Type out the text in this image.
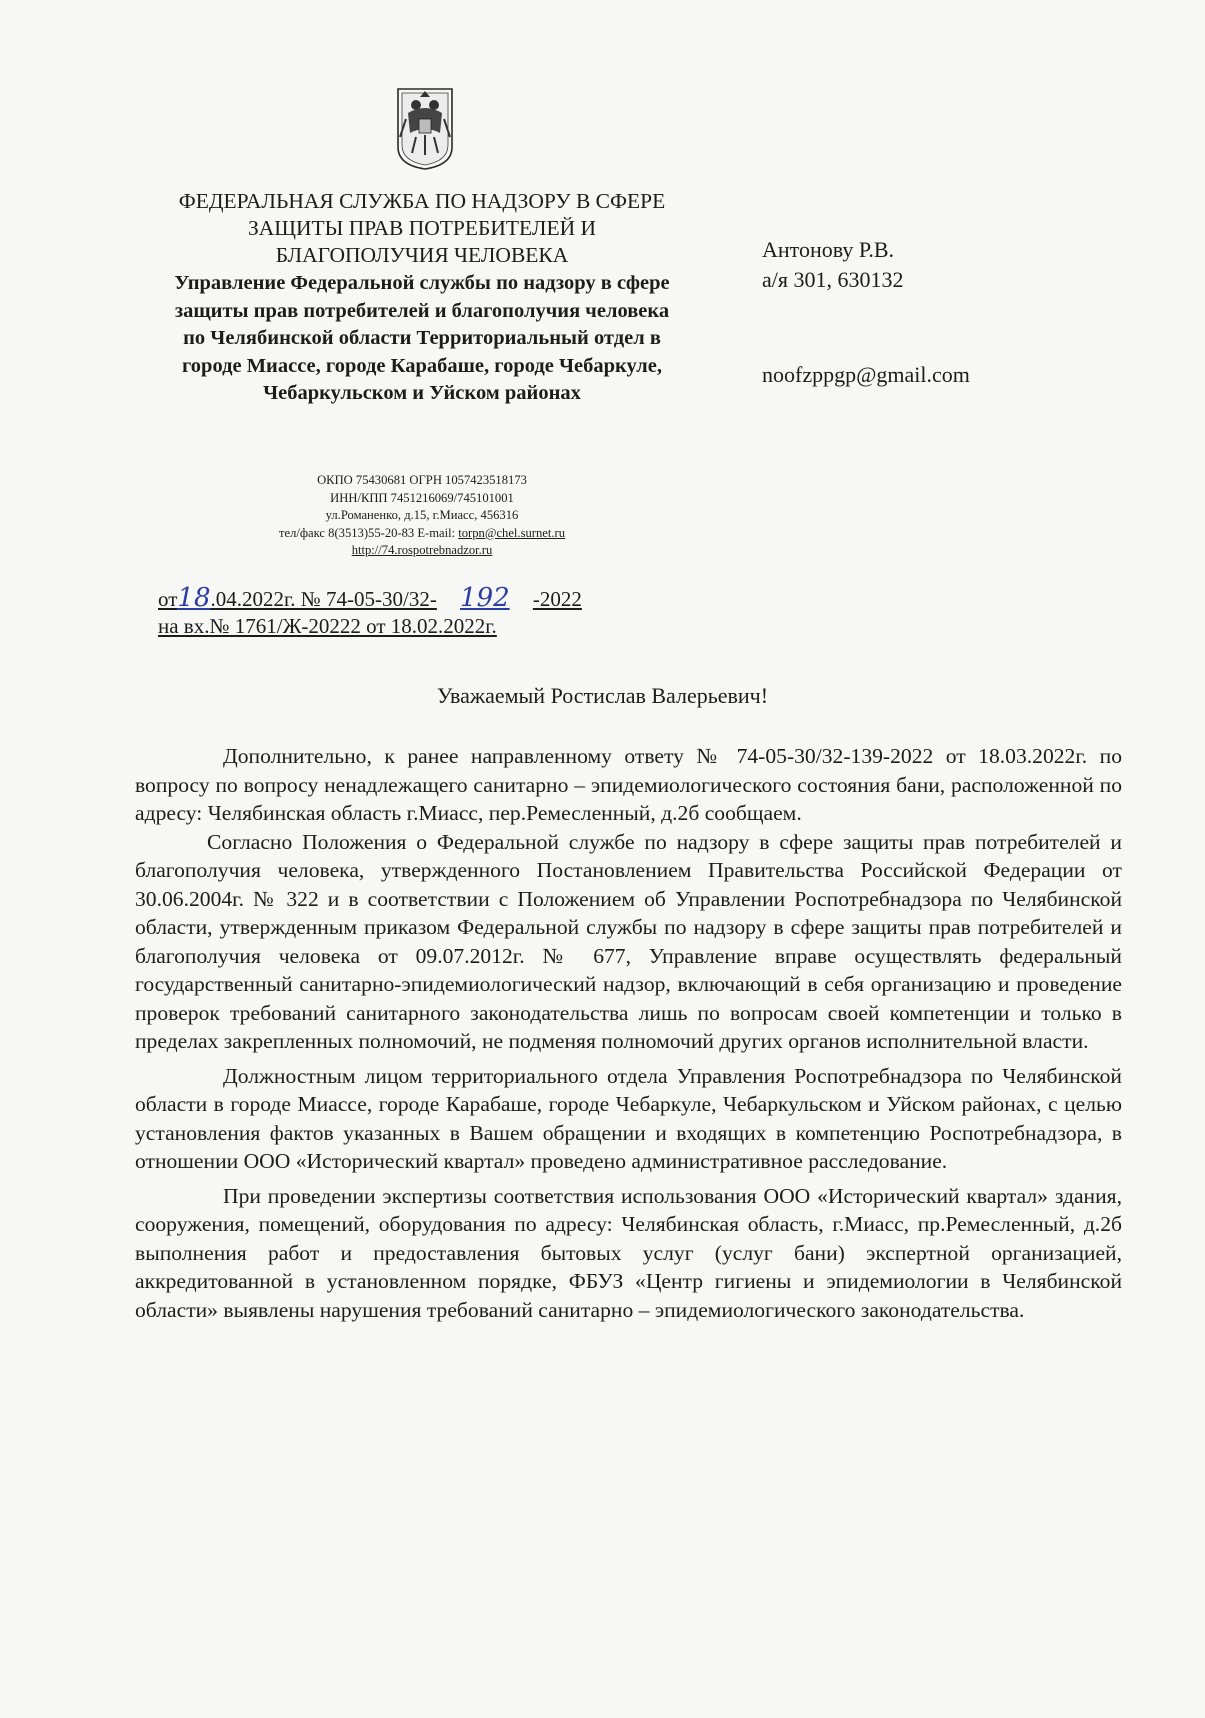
ФЕДЕРАЛЬНАЯ СЛУЖБА ПО НАДЗОРУ В СФЕРЕ ЗАЩИТЫ ПРАВ ПОТРЕБИТЕЛЕЙ И БЛАГОПОЛУЧИЯ ЧЕЛОВЕКА
Управление Федеральной службы по надзору в сфере защиты прав потребителей и благополучия человека по Челябинской области Территориальный отдел в городе Миассе, городе Карабаше, городе Чебаркуле, Чебаркульском и Уйском районах
ОКПО 75430681 ОГРН 1057423518173
ИНН/КПП 7451216069/745101001
ул.Романенко, д.15, г.Миасс, 456316
тел/факс 8(3513)55-20-83 E-mail: torpn@chel.surnet.ru
http://74.rospotrebnadzor.ru
от18.04.2022г. № 74-05-30/32- 192 -2022
на вх.№ 1761/Ж-20222 от 18.02.2022г.
Антонову Р.В.
а/я 301, 630132
noofzppgp@gmail.com
Уважаемый Ростислав Валерьевич!

Дополнительно, к ранее направленному ответу № 74-05-30/32-139-2022 от 18.03.2022г. по вопросу по вопросу ненадлежащего санитарно – эпидемиологического состояния бани, расположенной по адресу: Челябинская область г.Миасс, пер.Ремесленный, д.2б сообщаем.

Согласно Положения о Федеральной службе по надзору в сфере защиты прав потребителей и благополучия человека, утвержденного Постановлением Правительства Российской Федерации от 30.06.2004г. № 322 и в соответствии с Положением об Управлении Роспотребнадзора по Челябинской области, утвержденным приказом Федеральной службы по надзору в сфере защиты прав потребителей и благополучия человека от 09.07.2012г. № 677, Управление вправе осуществлять федеральный государственный санитарно-эпидемиологический надзор, включающий в себя организацию и проведение проверок требований санитарного законодательства лишь по вопросам своей компетенции и только в пределах закрепленных полномочий, не подменяя полномочий других органов исполнительной власти.

Должностным лицом территориального отдела Управления Роспотребнадзора по Челябинской области в городе Миассе, городе Карабаше, городе Чебаркуле, Чебаркульском и Уйском районах, с целью установления фактов указанных в Вашем обращении и входящих в компетенцию Роспотребнадзора, в отношении ООО «Исторический квартал» проведено административное расследование.

При проведении экспертизы соответствия использования ООО «Исторический квартал» здания, сооружения, помещений, оборудования по адресу: Челябинская область, г.Миасс, пр.Ремесленный, д.2б выполнения работ и предоставления бытовых услуг (услуг бани) экспертной организацией, аккредитованной в установленном порядке, ФБУЗ «Центр гигиены и эпидемиологии в Челябинской области» выявлены нарушения требований санитарно – эпидемиологического законодательства.
